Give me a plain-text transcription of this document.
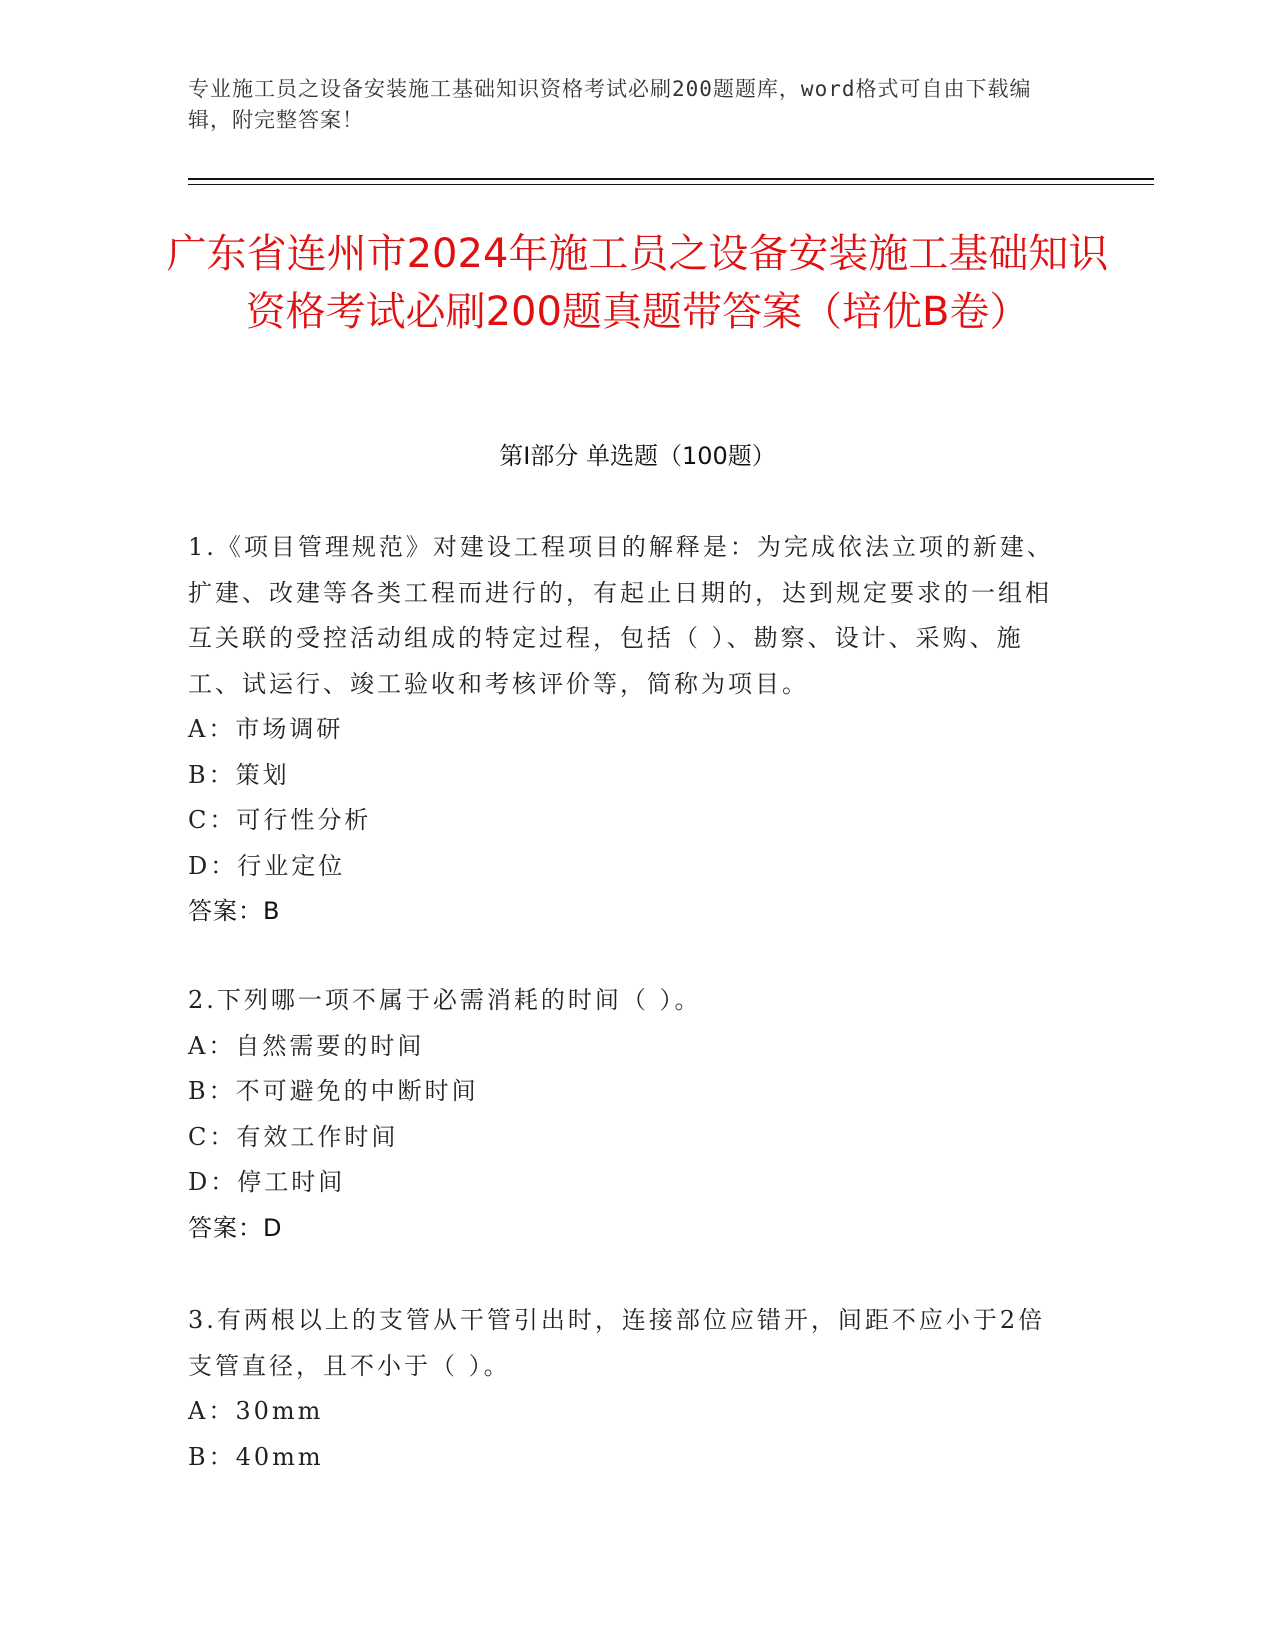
专业施工员之设备安装施工基础知识资格考试必刷200题题库，word格式可自由下载编辑，附完整答案！
广东省连州市2024年施工员之设备安装施工基础知识资格考试必刷200题真题带答案（培优B卷）
第I部分 单选题（100题）
1.《项目管理规范》对建设工程项目的解释是：为完成依法立项的新建、扩建、改建等各类工程而进行的，有起止日期的，达到规定要求的一组相互关联的受控活动组成的特定过程，包括（ ）、勘察、设计、采购、施工、试运行、竣工验收和考核评价等，简称为项目。
A：市场调研
B：策划
C：可行性分析
D：行业定位
答案：B
2.下列哪一项不属于必需消耗的时间（ ）。
A：自然需要的时间
B：不可避免的中断时间
C：有效工作时间
D：停工时间
答案：D
3.有两根以上的支管从干管引出时，连接部位应错开，间距不应小于2倍支管直径，且不小于（ ）。
A：30mm
B：40mm
